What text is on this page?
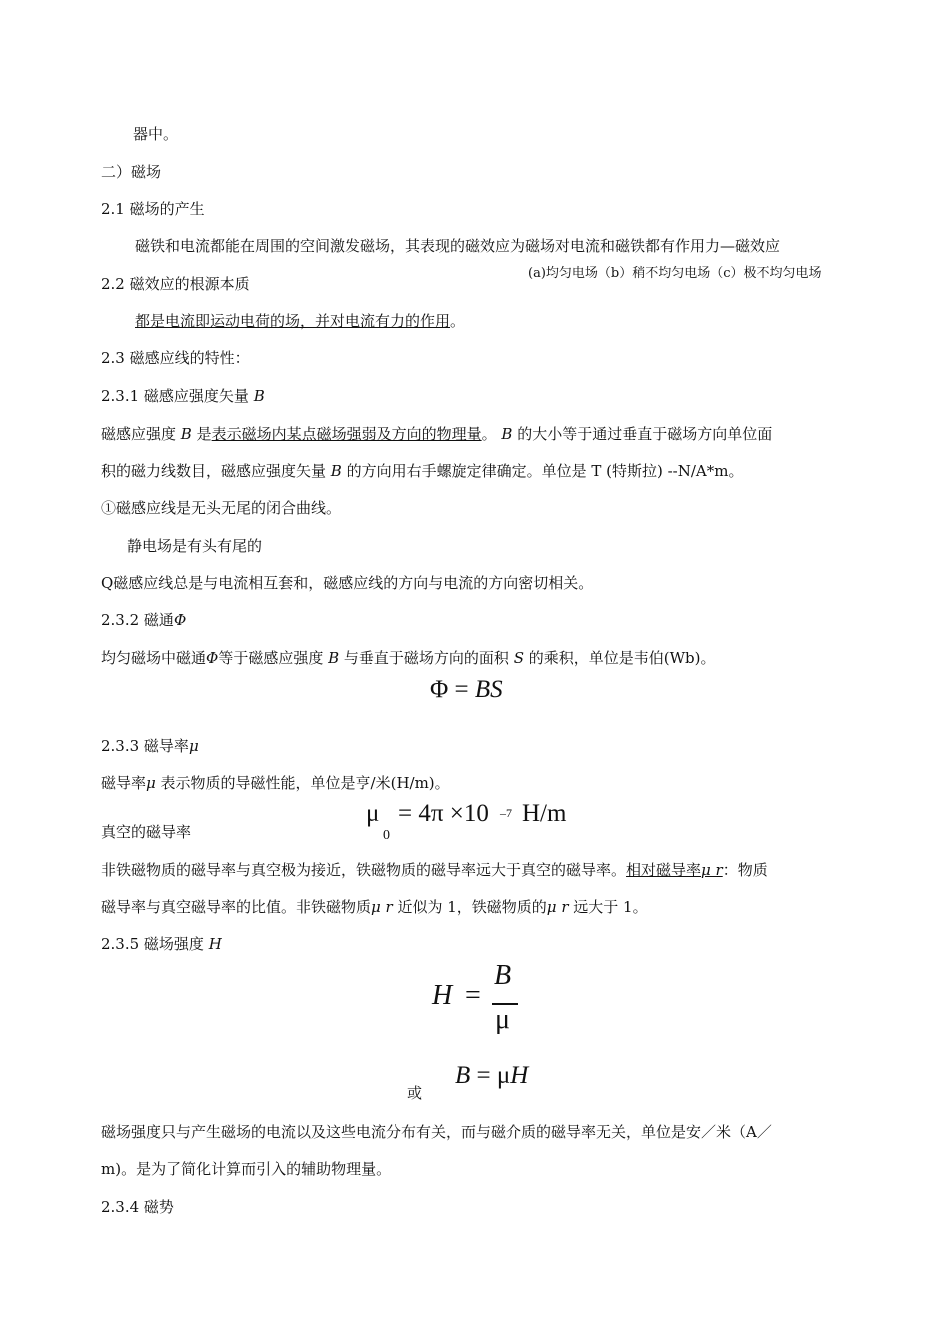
器中。
二）磁场
2.1 磁场的产生
磁铁和电流都能在周围的空间激发磁场，其表现的磁效应为磁场对电流和磁铁都有作用力—磁效应
(a)均匀电场（b）稍不均匀电场（c）极不均匀电场
2.2 磁效应的根源本质
都是电流即运动电荷的场，并对电流有力的作用。
2.3 磁感应线的特性：
2.3.1 磁感应强度矢量 B
磁感应强度 B 是表示磁场内某点磁场强弱及方向的物理量。 B 的大小等于通过垂直于磁场方向单位面
积的磁力线数目，磁感应强度矢量 B 的方向用右手螺旋定律确定。单位是 T (特斯拉) --N/A*m。
①磁感应线是无头无尾的闭合曲线。
静电场是有头有尾的
Q磁感应线总是与电流相互套和，磁感应线的方向与电流的方向密切相关。
2.3.2 磁通Φ
均匀磁场中磁通Φ等于磁感应强度 B 与垂直于磁场方向的面积 S 的乘积，单位是韦伯(Wb)。
Φ = BS
2.3.3 磁导率μ
磁导率μ 表示物质的导磁性能，单位是亨/米(H/m)。
真空的磁导率
μ
0
= 4π ×10 –7 H/m
非铁磁物质的磁导率与真空极为接近，铁磁物质的磁导率远大于真空的磁导率。相对磁导率μ r：物质
磁导率与真空磁导率的比值。非铁磁物质μ r 近似为 1，铁磁物质的μ r 远大于 1。
2.3.5 磁场强度 H
H =
B
μ
或
B = μH
磁场强度只与产生磁场的电流以及这些电流分布有关，而与磁介质的磁导率无关，单位是安／米（A／
m)。是为了简化计算而引入的辅助物理量。
2.3.4 磁势
